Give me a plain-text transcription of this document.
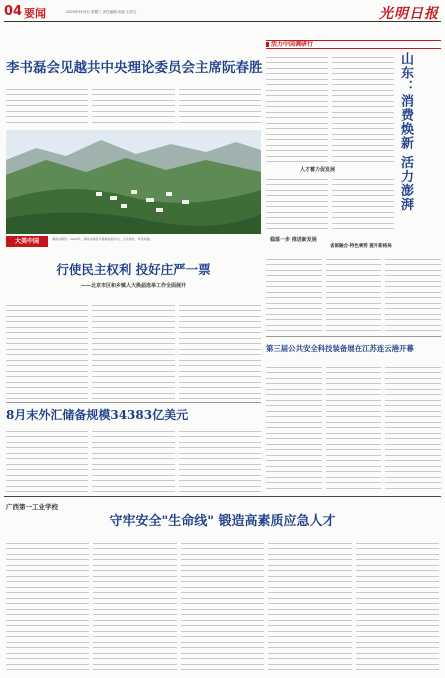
04 要闻	2020年9月9日 星期三 责任编辑/毛丽 王清文	光明日报
李书磊会见越共中央理论委员会主席阮春胜
大美中国	湖南永顺县：2020年，湖南永顺县芙蓉镇美丽乡村，山水相依、风景如画。
活力中国调研行
山东：消费焕新 活力澎湃
人才蓄力促发展
稳落一步 推进新发展
省部融合·特色乘势 提升新格局
行使民主权利 投好庄严一票
——北京市区和乡镇人大换届选举工作全面展开
第三届公共安全科技装备展在江苏连云港开幕
8月末外汇储备规模34383亿美元
广西第一工业学校
守牢安全"生命线" 锻造高素质应急人才
